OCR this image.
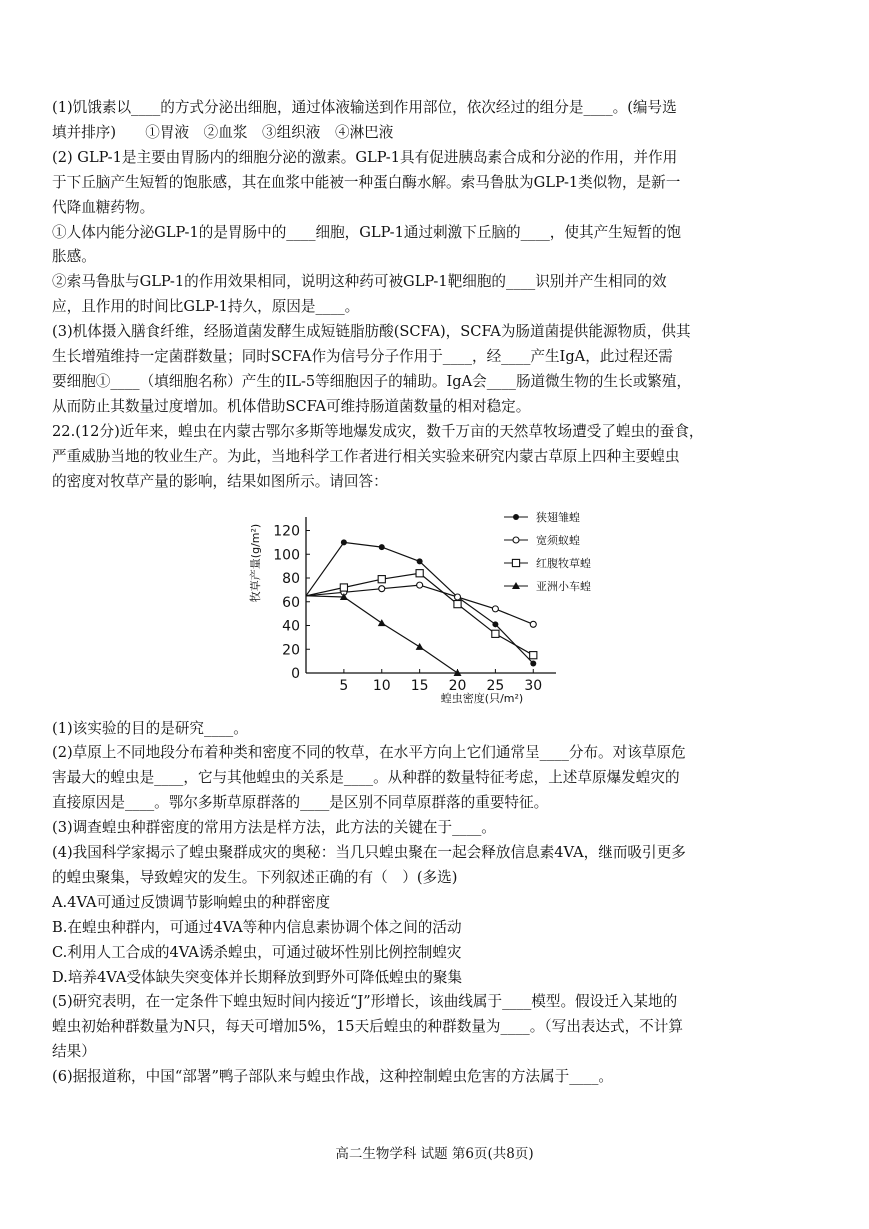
(1)饥饿素以____的方式分泌出细胞，通过体液输送到作用部位，依次经过的组分是____。(编号选

填并排序)　　①胃液　②血浆　③组织液　④淋巴液

(2) GLP-1是主要由胃肠内的细胞分泌的激素。GLP-1具有促进胰岛素合成和分泌的作用，并作用

于下丘脑产生短暂的饱胀感，其在血浆中能被一种蛋白酶水解。索马鲁肽为GLP-1类似物，是新一

代降血糖药物。

①人体内能分泌GLP-1的是胃肠中的____细胞，GLP-1通过刺激下丘脑的____，使其产生短暂的饱

胀感。

②索马鲁肽与GLP-1的作用效果相同，说明这种药可被GLP-1靶细胞的____识别并产生相同的效

应，且作用的时间比GLP-1持久，原因是____。

(3)机体摄入膳食纤维，经肠道菌发酵生成短链脂肪酸(SCFA)，SCFA为肠道菌提供能源物质，供其

生长增殖维持一定菌群数量；同时SCFA作为信号分子作用于____，经____产生IgA，此过程还需

要细胞①____（填细胞名称）产生的IL-5等细胞因子的辅助。IgA会____肠道微生物的生长或繁殖，

从而防止其数量过度增加。机体借助SCFA可维持肠道菌数量的相对稳定。

22.(12分)近年来，蝗虫在内蒙古鄂尔多斯等地爆发成灾，数千万亩的天然草牧场遭受了蝗虫的蚕食，

严重威胁当地的牧业生产。为此，当地科学工作者进行相关实验来研究内蒙古草原上四种主要蝗虫

的密度对牧草产量的影响，结果如图所示。请回答：

0
20
40
60
80
100
120
5 10 15 20 25 30
牧草产量(g/m²)
蝗虫密度(只/m²)
狭翅雏蝗
宽须蚁蝗
红腹牧草蝗
亚洲小车蝗

(1)该实验的目的是研究____。

(2)草原上不同地段分布着种类和密度不同的牧草，在水平方向上它们通常呈____分布。对该草原危

害最大的蝗虫是____，它与其他蝗虫的关系是____。从种群的数量特征考虑，上述草原爆发蝗灾的

直接原因是____。鄂尔多斯草原群落的____是区别不同草原群落的重要特征。

(3)调查蝗虫种群密度的常用方法是样方法，此方法的关键在于____。

(4)我国科学家揭示了蝗虫聚群成灾的奥秘：当几只蝗虫聚在一起会释放信息素4VA，继而吸引更多

的蝗虫聚集，导致蝗灾的发生。下列叙述正确的有（　）(多选)

A.4VA可通过反馈调节影响蝗虫的种群密度

B.在蝗虫种群内，可通过4VA等种内信息素协调个体之间的活动

C.利用人工合成的4VA诱杀蝗虫，可通过破坏性别比例控制蝗灾

D.培养4VA受体缺失突变体并长期释放到野外可降低蝗虫的聚集

(5)研究表明，在一定条件下蝗虫短时间内接近“J”形增长，该曲线属于____模型。假设迁入某地的

蝗虫初始种群数量为N只，每天可增加5%，15天后蝗虫的种群数量为____。（写出表达式，不计算

结果）

(6)据报道称，中国“部署”鸭子部队来与蝗虫作战，这种控制蝗虫危害的方法属于____。

高二生物学科 试题 第6页(共8页)
